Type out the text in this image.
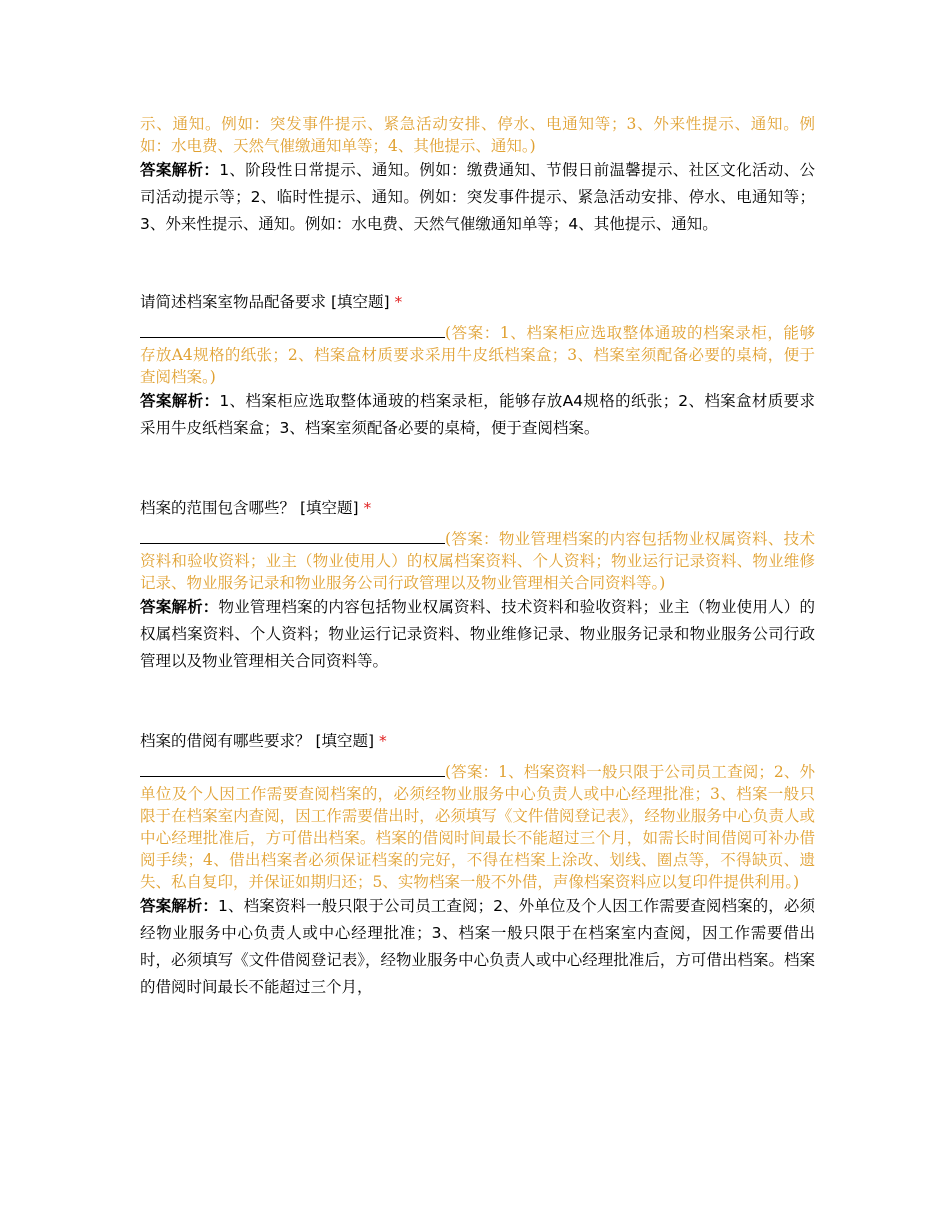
示、通知。例如：突发事件提示、紧急活动安排、停水、电通知等；3、外来性提示、通知。例如：水电费、天然气催缴通知单等；4、其他提示、通知。)

答案解析：1、阶段性日常提示、通知。例如：缴费通知、节假日前温馨提示、社区文化活动、公司活动提示等；2、临时性提示、通知。例如：突发事件提示、紧急活动安排、停水、电通知等；3、外来性提示、通知。例如：水电费、天然气催缴通知单等；4、其他提示、通知。

请简述档案室物品配备要求 [填空题] *

(答案：1、档案柜应选取整体通玻的档案录柜，能够存放A4规格的纸张；2、档案盒材质要求采用牛皮纸档案盒；3、档案室须配备必要的桌椅，便于查阅档案。)

答案解析：1、档案柜应选取整体通玻的档案录柜，能够存放A4规格的纸张；2、档案盒材质要求采用牛皮纸档案盒；3、档案室须配备必要的桌椅，便于查阅档案。

档案的范围包含哪些？ [填空题] *

(答案：物业管理档案的内容包括物业权属资料、技术资料和验收资料；业主（物业使用人）的权属档案资料、个人资料；物业运行记录资料、物业维修记录、物业服务记录和物业服务公司行政管理以及物业管理相关合同资料等。)

答案解析：物业管理档案的内容包括物业权属资料、技术资料和验收资料；业主（物业使用人）的权属档案资料、个人资料；物业运行记录资料、物业维修记录、物业服务记录和物业服务公司行政管理以及物业管理相关合同资料等。

档案的借阅有哪些要求？ [填空题] *

(答案：1、档案资料一般只限于公司员工查阅；2、外单位及个人因工作需要查阅档案的，必须经物业服务中心负责人或中心经理批准；3、档案一般只限于在档案室内查阅，因工作需要借出时，必须填写《文件借阅登记表》，经物业服务中心负责人或中心经理批准后，方可借出档案。档案的借阅时间最长不能超过三个月，如需长时间借阅可补办借阅手续；4、借出档案者必须保证档案的完好，不得在档案上涂改、划线、圈点等，不得缺页、遗失、私自复印，并保证如期归还；5、实物档案一般不外借，声像档案资料应以复印件提供利用。)

答案解析：1、档案资料一般只限于公司员工查阅；2、外单位及个人因工作需要查阅档案的，必须经物业服务中心负责人或中心经理批准；3、档案一般只限于在档案室内查阅，因工作需要借出时，必须填写《文件借阅登记表》，经物业服务中心负责人或中心经理批准后，方可借出档案。档案的借阅时间最长不能超过三个月，
